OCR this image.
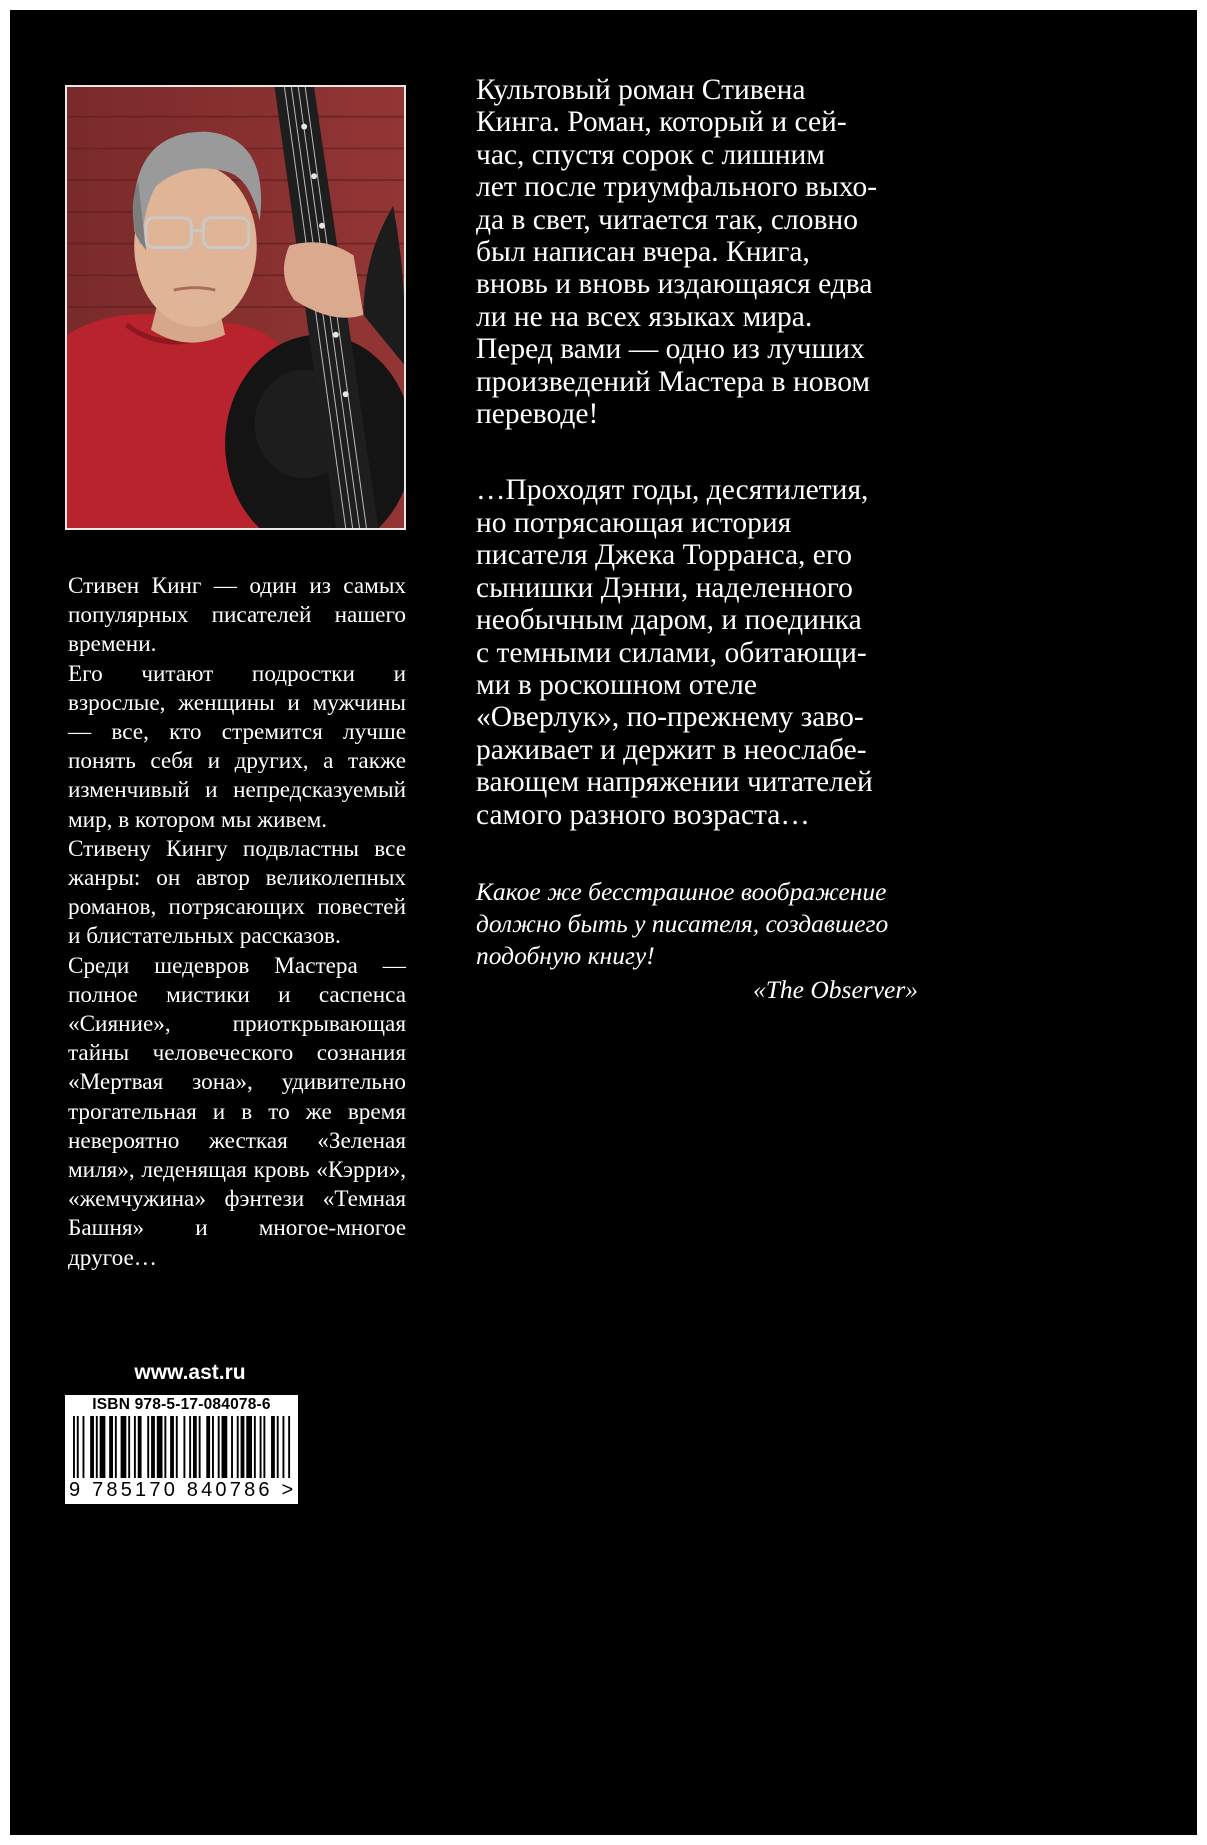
Стивен Кинг — один из самых популярных писателей нашего времени.

Его читают подростки и взрослые, женщины и мужчины — все, кто стремится лучше понять себя и других, а также изменчивый и непредсказуемый мир, в котором мы живем.

Стивену Кингу подвластны все жанры: он автор великолепных романов, потрясающих повестей и блистательных рассказов.

Среди шедевров Мастера — полное мистики и саспенса «Сияние», приоткрывающая тайны человеческого сознания «Мертвая зона», удивительно трогательная и в то же время невероятно жесткая «Зеленая миля», леденящая кровь «Кэрри», «жемчужина» фэнтези «Темная Башня» и многое-многое другое…

Культовый роман Стивена

Кинга. Роман, который и сей-

час, спустя сорок с лишним

лет после триумфального выхо-

да в свет, читается так, словно

был написан вчера. Книга,

вновь и вновь издающаяся едва

ли не на всех языках мира.

Перед вами — одно из лучших

произведений Мастера в новом

переводе!

…Проходят годы, десятилетия,

но потрясающая история

писателя Джека Торранса, его

сынишки Дэнни, наделенного

необычным даром, и поединка

с темными силами, обитающи-

ми в роскошном отеле

«Оверлук», по-прежнему заво-

раживает и держит в неослабе-

вающем напряжении читателей

самого разного возраста…

Какое же бесстрашное воображение

должно быть у писателя, создавшего

подобную книгу!

«The Observer»

www.ast.ru
ISBN 978-5-17-084078-6
9 785170 840786 >
